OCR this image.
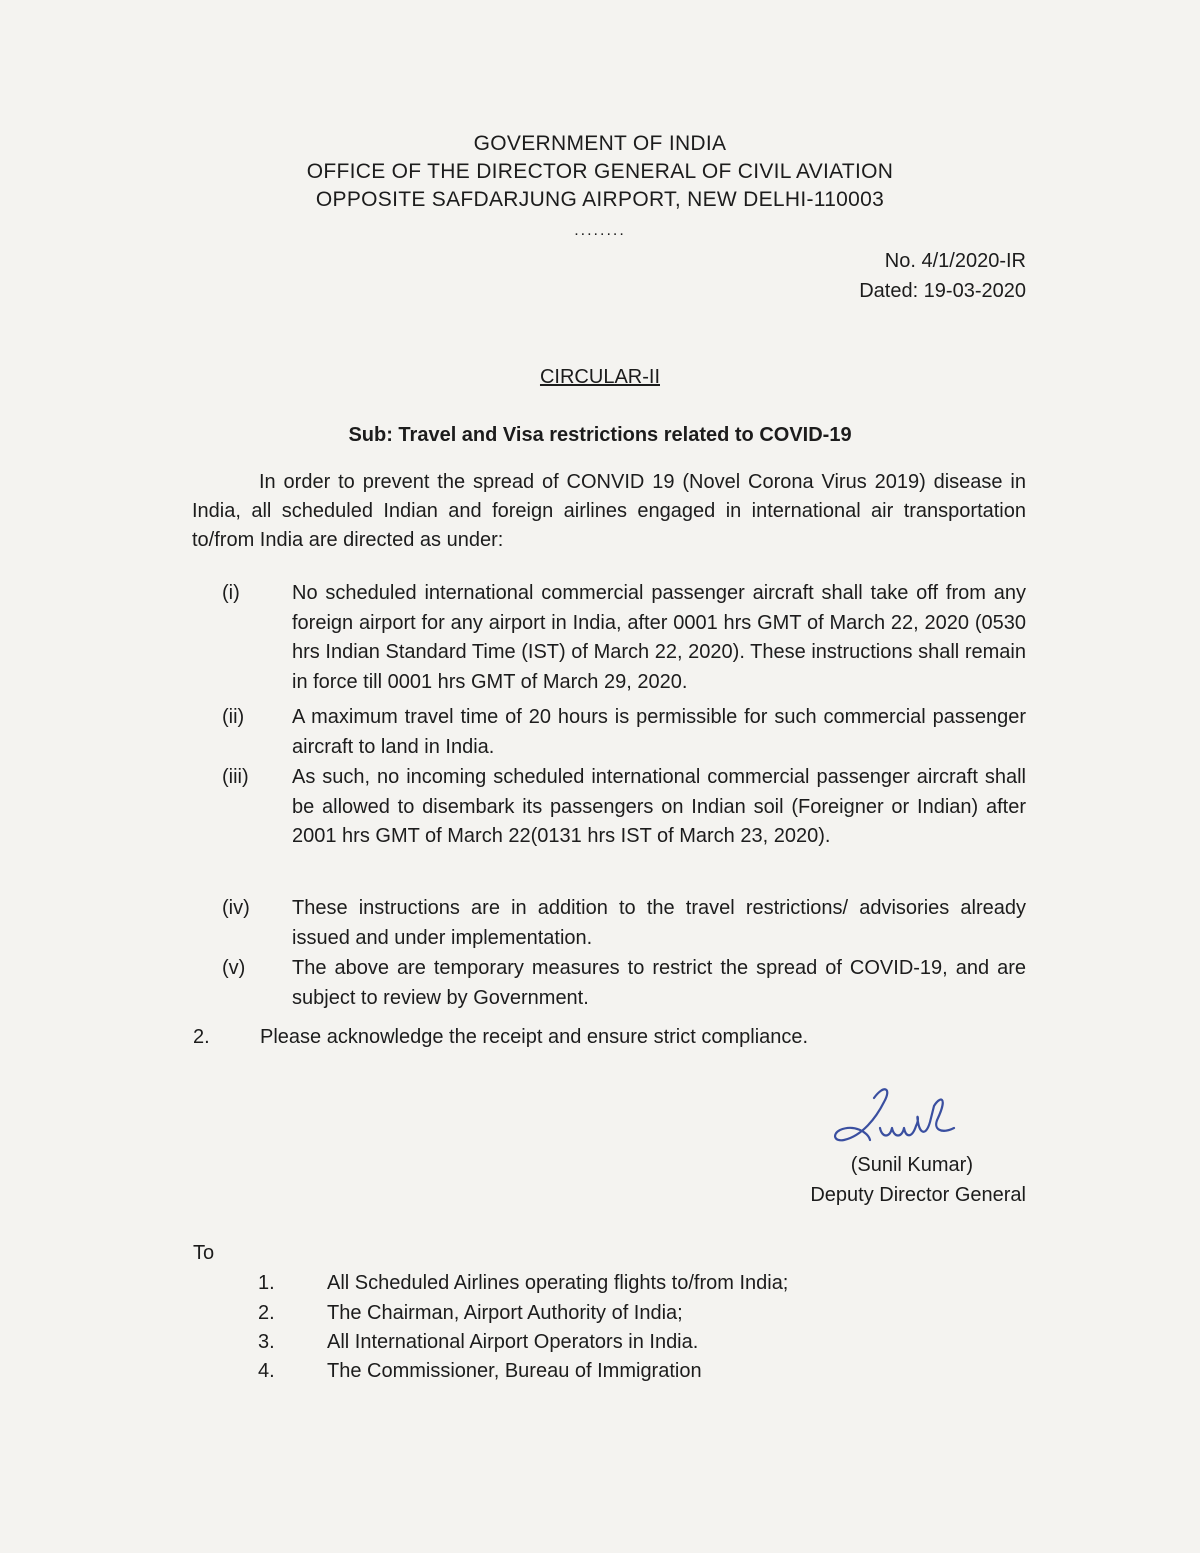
GOVERNMENT OF INDIA
OFFICE OF THE DIRECTOR GENERAL OF CIVIL AVIATION
OPPOSITE SAFDARJUNG AIRPORT, NEW DELHI-110003
........
No. 4/1/2020-IR
Dated: 19-03-2020
CIRCULAR-II
Sub: Travel and Visa restrictions related to COVID-19
In order to prevent the spread of CONVID 19 (Novel Corona Virus 2019) disease in India, all scheduled Indian and foreign airlines engaged in international air transportation to/from India are directed as under:
(i)	No scheduled international commercial passenger aircraft shall take off from any foreign airport for any airport in India, after 0001 hrs GMT of March 22, 2020 (0530 hrs Indian Standard Time (IST) of March 22, 2020). These instructions shall remain in force till 0001 hrs GMT of March 29, 2020.
(ii)	A maximum travel time of 20 hours is permissible for such commercial passenger aircraft to land in India.
(iii)	As such, no incoming scheduled international commercial passenger aircraft shall be allowed to disembark its passengers on Indian soil (Foreigner or Indian) after 2001 hrs GMT of March 22(0131 hrs IST of March 23, 2020).
(iv)	These instructions are in addition to the travel restrictions/ advisories already issued and under implementation.
(v)	The above are temporary measures to restrict the spread of COVID-19, and are subject to review by Government.
2.	Please acknowledge the receipt and ensure strict compliance.
(Sunil Kumar)
Deputy Director General
To
1.	All Scheduled Airlines operating flights to/from India;
2.	The Chairman, Airport Authority of India;
3.	All International Airport Operators in India.
4.	The Commissioner, Bureau of Immigration
